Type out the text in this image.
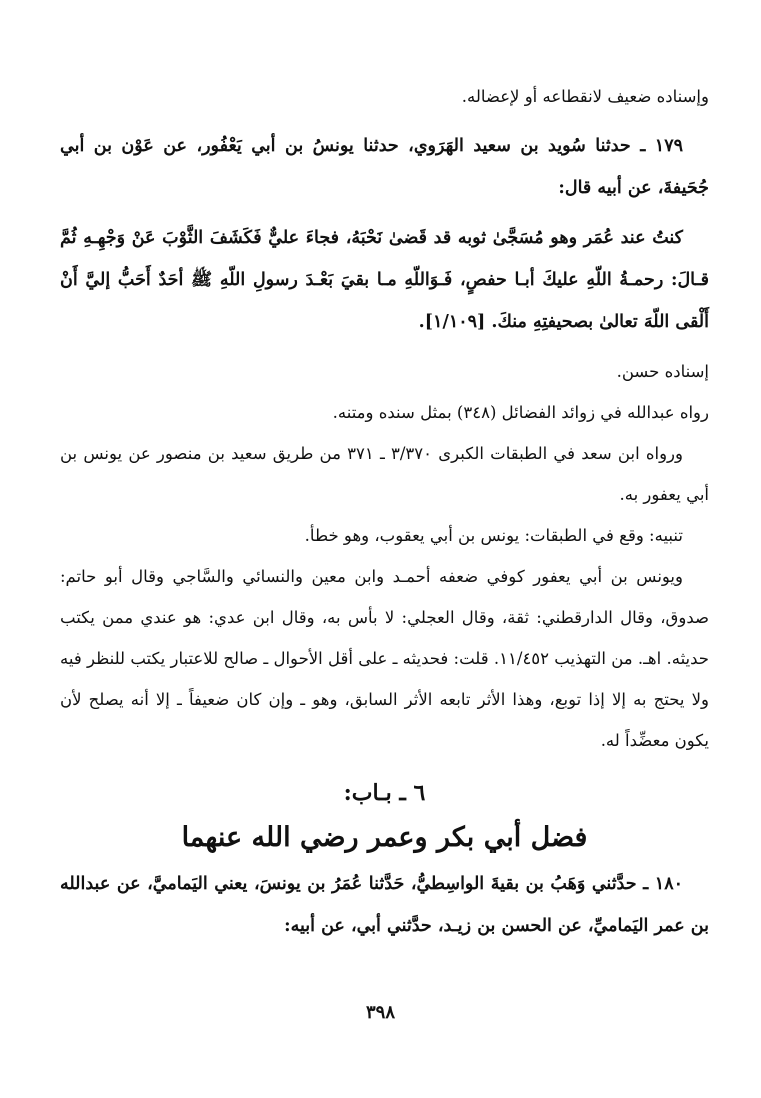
وإسناده ضعيف لانقطاعه أو لإعضاله.

١٧٩ ـ حدثنا سُويد بن سعيد الهَرَوي، حدثنا يونسُ بن أبي يَعْفُور، عن عَوْن بن أبي جُحَيفةَ، عن أبيه قال:

كنتُ عند عُمَر وهو مُسَجَّىٰ ثوبه قد قَضىٰ نَحْبَهُ، فجاءَ عليٌّ فَكَشَفَ الثَّوْبَ عَنْ وَجْهِـهِ ثُمَّ قـالَ: رحمـةُ اللّهِ عليكَ أبـا حفصٍ، فَـوَاللّهِ مـا بقيَ بَعْـدَ رسولِ اللّهِ ﷺ أحَدٌ أَحَبُّ إليَّ أَنْ أَلْقى اللّهَ تعالىٰ بصحيفتِهِ منكَ. [١/١٠٩].

إسناده حسن.

رواه عبدالله في زوائد الفضائل (٣٤٨) بمثل سنده ومتنه.

ورواه ابن سعد في الطبقات الكبرى ٣/٣٧٠ ـ ٣٧١ من طريق سعيد بن منصور عن يونس بن أبي يعفور به.

تنبيه: وقع في الطبقات: يونس بن أبي يعقوب، وهو خطأ.

ويونس بن أبي يعفور كوفي ضعفه أحمـد وابن معين والنسائي والسَّاجي وقال أبو حاتم: صدوق، وقال الدارقطني: ثقة، وقال العجلي: لا بأس به، وقال ابن عدي: هو عندي ممن يكتب حديثه. اهـ. من التهذيب ١١/٤٥٢. قلت: فحديثه ـ على أقل الأحوال ـ صالح للاعتبار يكتب للنظر فيه ولا يحتج به إلا إذا توبع، وهذا الأثر تابعه الأثر السابق، وهو ـ وإن كان ضعيفاً ـ إلا أنه يصلح لأن يكون معضِّداً له.

٦ ـ بـاب:
فضل أبي بكر وعمر رضي الله عنهما

١٨٠ ـ حدَّثني وَهَبُ بن بقيةَ الواسِطيُّ، حَدَّثنا عُمَرُ بن يونسَ، يعني اليَماميَّ، عن عبدالله بن عمر اليَماميِّ، عن الحسن بن زيـد، حدَّثني أبي، عن أبيه:

٣٩٨
